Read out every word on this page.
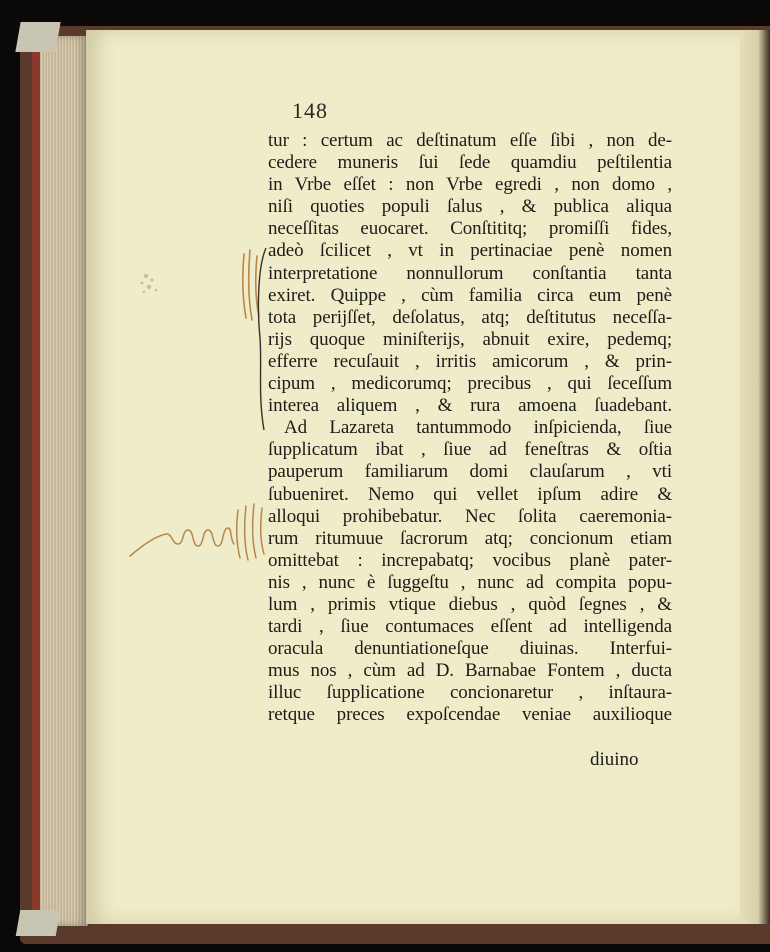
148
tur : certum ac deſtinatum eſſe ſibi , non de-
cedere muneris ſui ſede quamdiu peſtilentia
in Vrbe eſſet : non Vrbe egredi , non domo ,
niſi quoties populi ſalus , & publica aliqua
neceſſitas euocaret. Conſtititq; promiſſi fides,
adeò ſcilicet , vt in pertinaciae penè nomen
interpretatione nonnullorum conſtantia tanta
exiret. Quippe , cùm familia circa eum penè
tota perijſſet, deſolatus, atq; deſtitutus neceſſa-
rijs quoque miniſterijs, abnuit exire, pedemq;
efferre recuſauit , irritis amicorum , & prin-
cipum , medicorumq; precibus , qui ſeceſſum
interea aliquem , & rura amoena ſuadebant.
Ad Lazareta tantummodo inſpicienda, ſiue
ſupplicatum ibat , ſiue ad feneſtras & oſtia
pauperum familiarum domi clauſarum , vti
ſubueniret. Nemo qui vellet ipſum adire &
alloqui prohibebatur. Nec ſolita caeremonia-
rum ritumuue ſacrorum atq; concionum etiam
omittebat : increpabatq; vocibus planè pater-
nis , nunc è ſuggeſtu , nunc ad compita popu-
lum , primis vtique diebus , quòd ſegnes , &
tardi , ſiue contumaces eſſent ad intelligenda
oracula denuntiationeſque diuinas. Interfui-
mus nos , cùm ad D. Barnabae Fontem , ducta
illuc ſupplicatione concionaretur , inſtaura-
retque preces expoſcendae veniae auxilioque
diuino
